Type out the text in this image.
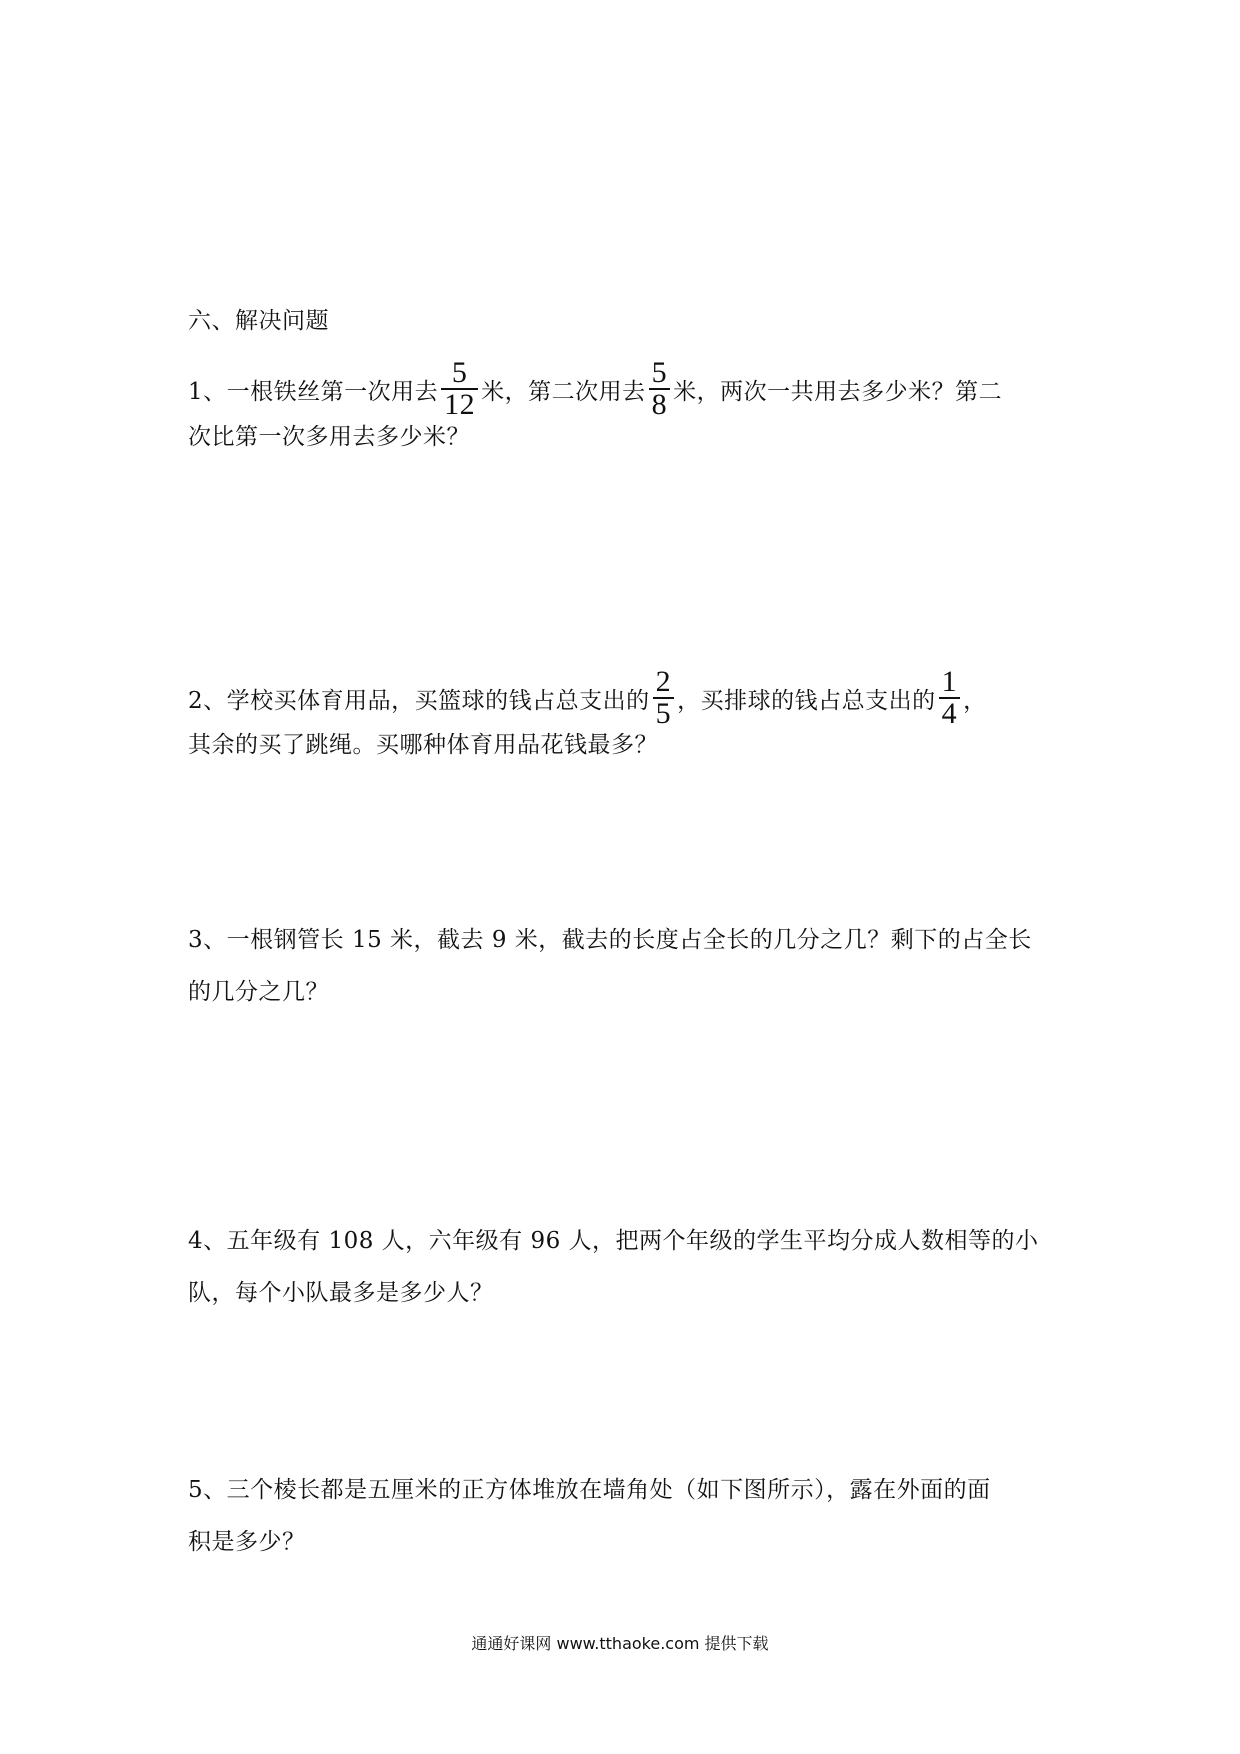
六、解决问题
1、一根铁丝第一次用去 $\frac{5}{12}$ 米，第二次用去 $\frac{5}{8}$ 米，两次一共用去多少米？第二
次比第一次多用去多少米？
2、学校买体育用品，买篮球的钱占总支出的 $\frac{2}{5}$ ，买排球的钱占总支出的 $\frac{1}{4}$ ，
其余的买了跳绳。买哪种体育用品花钱最多？
3、一根钢管长 15 米，截去 9 米，截去的长度占全长的几分之几？剩下的占全长
的几分之几？
4、五年级有 108 人，六年级有 96 人，把两个年级的学生平均分成人数相等的小
队，每个小队最多是多少人？
5、三个棱长都是五厘米的正方体堆放在墙角处（如下图所示），露在外面的面
积是多少？
通通好课网 www.tthaoke.com 提供下载
